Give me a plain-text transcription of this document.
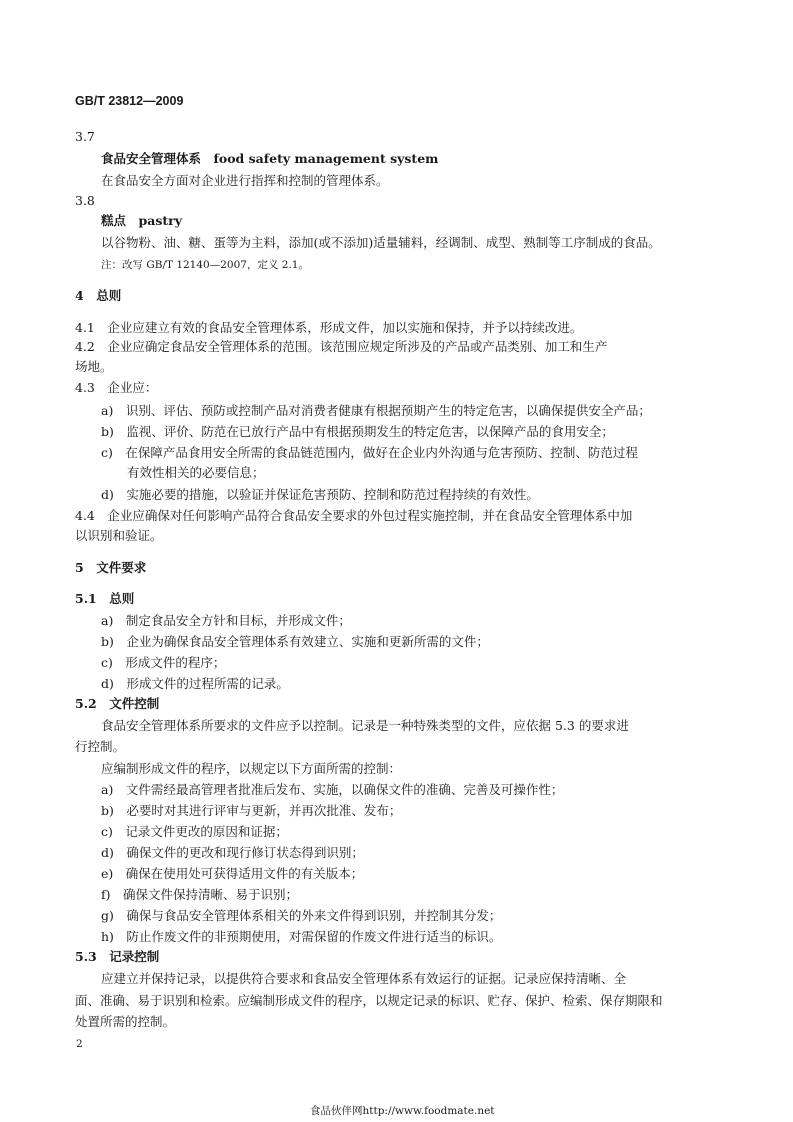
GB/T 23812—2009
3.7
食品安全管理体系　food safety management system
在食品安全方面对企业进行指挥和控制的管理体系。
3.8
糕点　pastry
以谷物粉、油、糖、蛋等为主料，添加(或不添加)适量辅料，经调制、成型、熟制等工序制成的食品。
注：改写 GB/T 12140—2007，定义 2.1。
4　总则
4.1　企业应建立有效的食品安全管理体系，形成文件，加以实施和保持，并予以持续改进。
4.2　企业应确定食品安全管理体系的范围。该范围应规定所涉及的产品或产品类别、加工和生产
场地。
4.3　企业应：
a)　识别、评估、预防或控制产品对消费者健康有根据预期产生的特定危害，以确保提供安全产品；
b)　监视、评价、防范在已放行产品中有根据预期发生的特定危害，以保障产品的食用安全；
c)　在保障产品食用安全所需的食品链范围内，做好在企业内外沟通与危害预防、控制、防范过程
有效性相关的必要信息；
d)　实施必要的措施，以验证并保证危害预防、控制和防范过程持续的有效性。
4.4　企业应确保对任何影响产品符合食品安全要求的外包过程实施控制，并在食品安全管理体系中加
以识别和验证。
5　文件要求
5.1　总则
a)　制定食品安全方针和目标，并形成文件；
b)　企业为确保食品安全管理体系有效建立、实施和更新所需的文件；
c)　形成文件的程序；
d)　形成文件的过程所需的记录。
5.2　文件控制
食品安全管理体系所要求的文件应予以控制。记录是一种特殊类型的文件，应依据 5.3 的要求进
行控制。
应编制形成文件的程序，以规定以下方面所需的控制：
a)　文件需经最高管理者批准后发布、实施，以确保文件的准确、完善及可操作性；
b)　必要时对其进行评审与更新，并再次批准、发布；
c)　记录文件更改的原因和证据；
d)　确保文件的更改和现行修订状态得到识别；
e)　确保在使用处可获得适用文件的有关版本；
f)　确保文件保持清晰、易于识别；
g)　确保与食品安全管理体系相关的外来文件得到识别，并控制其分发；
h)　防止作废文件的非预期使用，对需保留的作废文件进行适当的标识。
5.3　记录控制
应建立并保持记录，以提供符合要求和食品安全管理体系有效运行的证据。记录应保持清晰、全
面、准确、易于识别和检索。应编制形成文件的程序，以规定记录的标识、贮存、保护、检索、保存期限和
处置所需的控制。
2
食品伙伴网http://www.foodmate.net
